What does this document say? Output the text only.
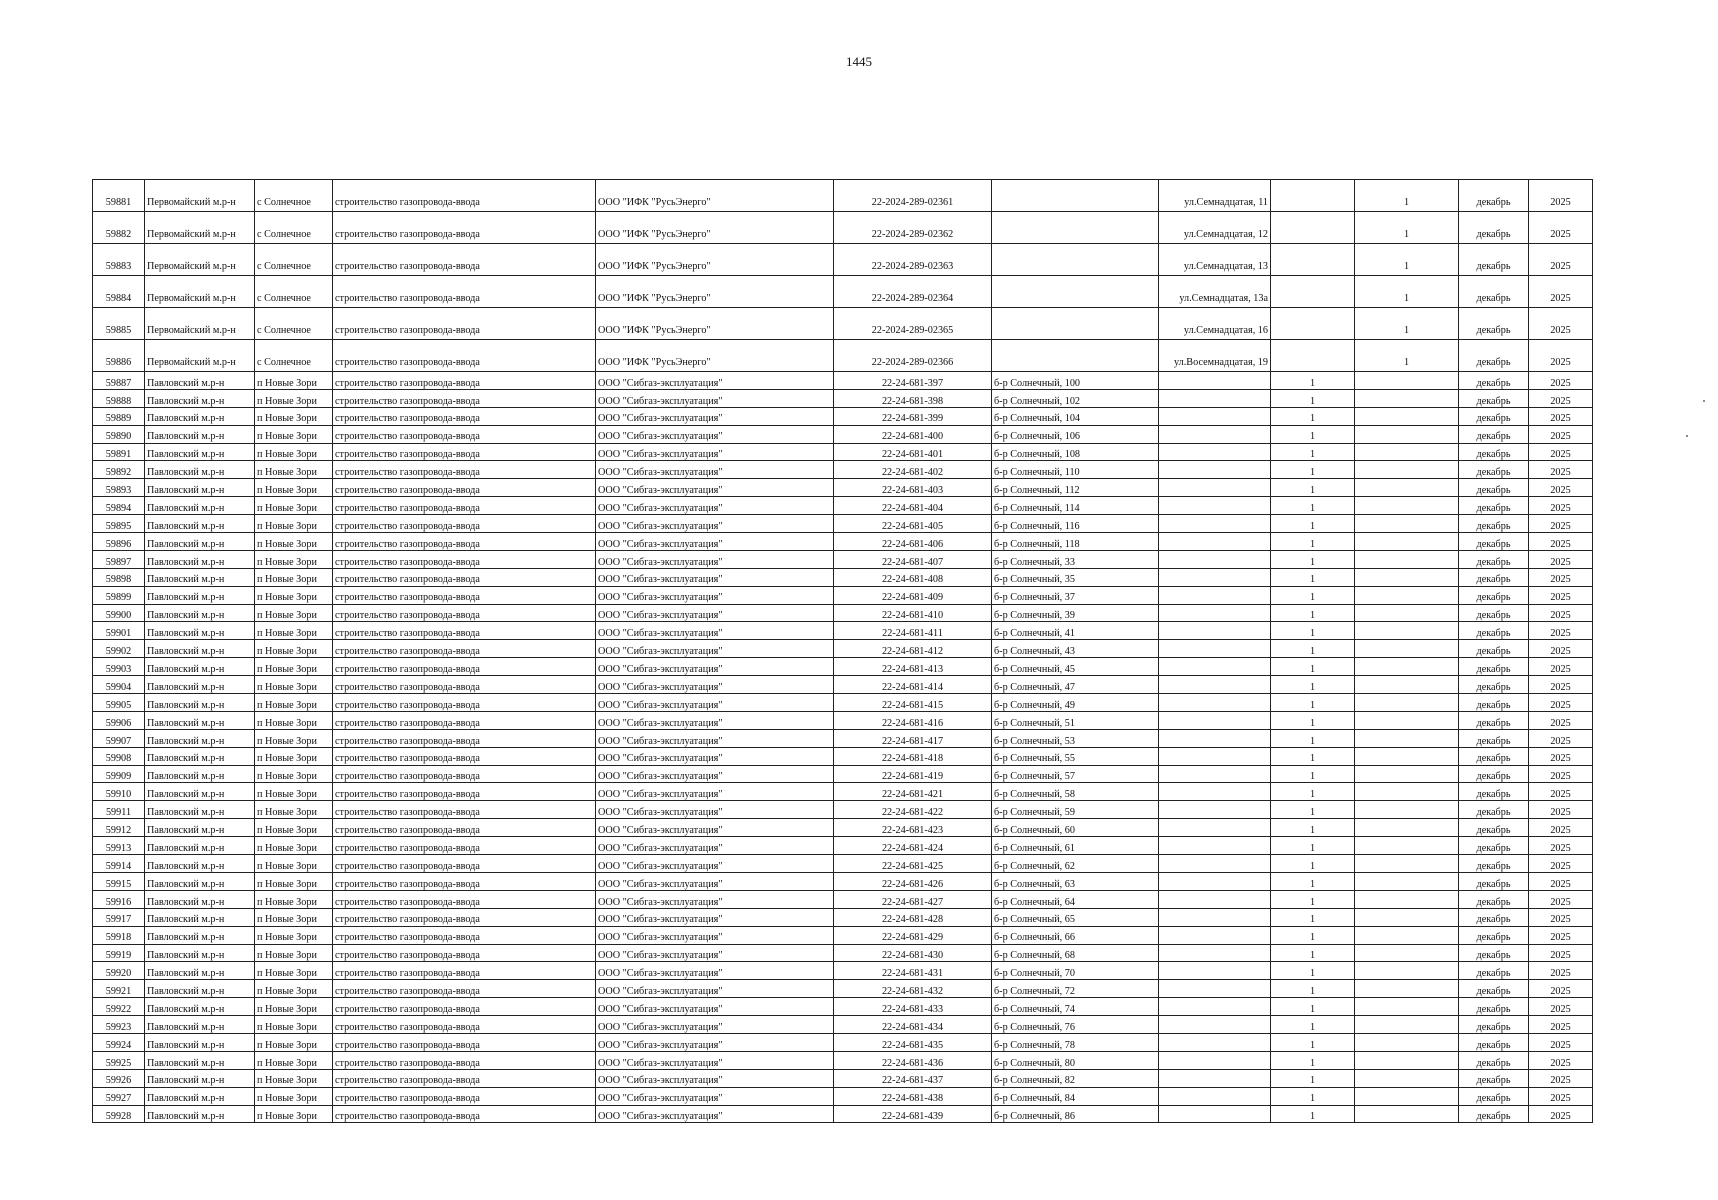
1445
59881	Первомайский м.р-н	с Солнечное	строительство газопровода-ввода	ООО "ИФК "РусьЭнерго"	22-2024-289-02361		ул.Семнадцатая, 11		1	декабрь	2025
59882	Первомайский м.р-н	с Солнечное	строительство газопровода-ввода	ООО "ИФК "РусьЭнерго"	22-2024-289-02362		ул.Семнадцатая, 12		1	декабрь	2025
59883	Первомайский м.р-н	с Солнечное	строительство газопровода-ввода	ООО "ИФК "РусьЭнерго"	22-2024-289-02363		ул.Семнадцатая, 13		1	декабрь	2025
59884	Первомайский м.р-н	с Солнечное	строительство газопровода-ввода	ООО "ИФК "РусьЭнерго"	22-2024-289-02364		ул.Семнадцатая, 13а		1	декабрь	2025
59885	Первомайский м.р-н	с Солнечное	строительство газопровода-ввода	ООО "ИФК "РусьЭнерго"	22-2024-289-02365		ул.Семнадцатая, 16		1	декабрь	2025
59886	Первомайский м.р-н	с Солнечное	строительство газопровода-ввода	ООО "ИФК "РусьЭнерго"	22-2024-289-02366		ул.Восемнадцатая, 19		1	декабрь	2025
59887	Павловский м.р-н	п Новые Зори	строительство газопровода-ввода	ООО "Сибгаз-эксплуатация"	22-24-681-397	б-р Солнечный, 100		1		декабрь	2025
59888	Павловский м.р-н	п Новые Зори	строительство газопровода-ввода	ООО "Сибгаз-эксплуатация"	22-24-681-398	б-р Солнечный, 102		1		декабрь	2025
59889	Павловский м.р-н	п Новые Зори	строительство газопровода-ввода	ООО "Сибгаз-эксплуатация"	22-24-681-399	б-р Солнечный, 104		1		декабрь	2025
59890	Павловский м.р-н	п Новые Зори	строительство газопровода-ввода	ООО "Сибгаз-эксплуатация"	22-24-681-400	б-р Солнечный, 106		1		декабрь	2025
59891	Павловский м.р-н	п Новые Зори	строительство газопровода-ввода	ООО "Сибгаз-эксплуатация"	22-24-681-401	б-р Солнечный, 108		1		декабрь	2025
59892	Павловский м.р-н	п Новые Зори	строительство газопровода-ввода	ООО "Сибгаз-эксплуатация"	22-24-681-402	б-р Солнечный, 110		1		декабрь	2025
59893	Павловский м.р-н	п Новые Зори	строительство газопровода-ввода	ООО "Сибгаз-эксплуатация"	22-24-681-403	б-р Солнечный, 112		1		декабрь	2025
59894	Павловский м.р-н	п Новые Зори	строительство газопровода-ввода	ООО "Сибгаз-эксплуатация"	22-24-681-404	б-р Солнечный, 114		1		декабрь	2025
59895	Павловский м.р-н	п Новые Зори	строительство газопровода-ввода	ООО "Сибгаз-эксплуатация"	22-24-681-405	б-р Солнечный, 116		1		декабрь	2025
59896	Павловский м.р-н	п Новые Зори	строительство газопровода-ввода	ООО "Сибгаз-эксплуатация"	22-24-681-406	б-р Солнечный, 118		1		декабрь	2025
59897	Павловский м.р-н	п Новые Зори	строительство газопровода-ввода	ООО "Сибгаз-эксплуатация"	22-24-681-407	б-р Солнечный, 33		1		декабрь	2025
59898	Павловский м.р-н	п Новые Зори	строительство газопровода-ввода	ООО "Сибгаз-эксплуатация"	22-24-681-408	б-р Солнечный, 35		1		декабрь	2025
59899	Павловский м.р-н	п Новые Зори	строительство газопровода-ввода	ООО "Сибгаз-эксплуатация"	22-24-681-409	б-р Солнечный, 37		1		декабрь	2025
59900	Павловский м.р-н	п Новые Зори	строительство газопровода-ввода	ООО "Сибгаз-эксплуатация"	22-24-681-410	б-р Солнечный, 39		1		декабрь	2025
59901	Павловский м.р-н	п Новые Зори	строительство газопровода-ввода	ООО "Сибгаз-эксплуатация"	22-24-681-411	б-р Солнечный, 41		1		декабрь	2025
59902	Павловский м.р-н	п Новые Зори	строительство газопровода-ввода	ООО "Сибгаз-эксплуатация"	22-24-681-412	б-р Солнечный, 43		1		декабрь	2025
59903	Павловский м.р-н	п Новые Зори	строительство газопровода-ввода	ООО "Сибгаз-эксплуатация"	22-24-681-413	б-р Солнечный, 45		1		декабрь	2025
59904	Павловский м.р-н	п Новые Зори	строительство газопровода-ввода	ООО "Сибгаз-эксплуатация"	22-24-681-414	б-р Солнечный, 47		1		декабрь	2025
59905	Павловский м.р-н	п Новые Зори	строительство газопровода-ввода	ООО "Сибгаз-эксплуатация"	22-24-681-415	б-р Солнечный, 49		1		декабрь	2025
59906	Павловский м.р-н	п Новые Зори	строительство газопровода-ввода	ООО "Сибгаз-эксплуатация"	22-24-681-416	б-р Солнечный, 51		1		декабрь	2025
59907	Павловский м.р-н	п Новые Зори	строительство газопровода-ввода	ООО "Сибгаз-эксплуатация"	22-24-681-417	б-р Солнечный, 53		1		декабрь	2025
59908	Павловский м.р-н	п Новые Зори	строительство газопровода-ввода	ООО "Сибгаз-эксплуатация"	22-24-681-418	б-р Солнечный, 55		1		декабрь	2025
59909	Павловский м.р-н	п Новые Зори	строительство газопровода-ввода	ООО "Сибгаз-эксплуатация"	22-24-681-419	б-р Солнечный, 57		1		декабрь	2025
59910	Павловский м.р-н	п Новые Зори	строительство газопровода-ввода	ООО "Сибгаз-эксплуатация"	22-24-681-421	б-р Солнечный, 58		1		декабрь	2025
59911	Павловский м.р-н	п Новые Зори	строительство газопровода-ввода	ООО "Сибгаз-эксплуатация"	22-24-681-422	б-р Солнечный, 59		1		декабрь	2025
59912	Павловский м.р-н	п Новые Зори	строительство газопровода-ввода	ООО "Сибгаз-эксплуатация"	22-24-681-423	б-р Солнечный, 60		1		декабрь	2025
59913	Павловский м.р-н	п Новые Зори	строительство газопровода-ввода	ООО "Сибгаз-эксплуатация"	22-24-681-424	б-р Солнечный, 61		1		декабрь	2025
59914	Павловский м.р-н	п Новые Зори	строительство газопровода-ввода	ООО "Сибгаз-эксплуатация"	22-24-681-425	б-р Солнечный, 62		1		декабрь	2025
59915	Павловский м.р-н	п Новые Зори	строительство газопровода-ввода	ООО "Сибгаз-эксплуатация"	22-24-681-426	б-р Солнечный, 63		1		декабрь	2025
59916	Павловский м.р-н	п Новые Зори	строительство газопровода-ввода	ООО "Сибгаз-эксплуатация"	22-24-681-427	б-р Солнечный, 64		1		декабрь	2025
59917	Павловский м.р-н	п Новые Зори	строительство газопровода-ввода	ООО "Сибгаз-эксплуатация"	22-24-681-428	б-р Солнечный, 65		1		декабрь	2025
59918	Павловский м.р-н	п Новые Зори	строительство газопровода-ввода	ООО "Сибгаз-эксплуатация"	22-24-681-429	б-р Солнечный, 66		1		декабрь	2025
59919	Павловский м.р-н	п Новые Зори	строительство газопровода-ввода	ООО "Сибгаз-эксплуатация"	22-24-681-430	б-р Солнечный, 68		1		декабрь	2025
59920	Павловский м.р-н	п Новые Зори	строительство газопровода-ввода	ООО "Сибгаз-эксплуатация"	22-24-681-431	б-р Солнечный, 70		1		декабрь	2025
59921	Павловский м.р-н	п Новые Зори	строительство газопровода-ввода	ООО "Сибгаз-эксплуатация"	22-24-681-432	б-р Солнечный, 72		1		декабрь	2025
59922	Павловский м.р-н	п Новые Зори	строительство газопровода-ввода	ООО "Сибгаз-эксплуатация"	22-24-681-433	б-р Солнечный, 74		1		декабрь	2025
59923	Павловский м.р-н	п Новые Зори	строительство газопровода-ввода	ООО "Сибгаз-эксплуатация"	22-24-681-434	б-р Солнечный, 76		1		декабрь	2025
59924	Павловский м.р-н	п Новые Зори	строительство газопровода-ввода	ООО "Сибгаз-эксплуатация"	22-24-681-435	б-р Солнечный, 78		1		декабрь	2025
59925	Павловский м.р-н	п Новые Зори	строительство газопровода-ввода	ООО "Сибгаз-эксплуатация"	22-24-681-436	б-р Солнечный, 80		1		декабрь	2025
59926	Павловский м.р-н	п Новые Зори	строительство газопровода-ввода	ООО "Сибгаз-эксплуатация"	22-24-681-437	б-р Солнечный, 82		1		декабрь	2025
59927	Павловский м.р-н	п Новые Зори	строительство газопровода-ввода	ООО "Сибгаз-эксплуатация"	22-24-681-438	б-р Солнечный, 84		1		декабрь	2025
59928	Павловский м.р-н	п Новые Зори	строительство газопровода-ввода	ООО "Сибгаз-эксплуатация"	22-24-681-439	б-р Солнечный, 86		1		декабрь	2025
